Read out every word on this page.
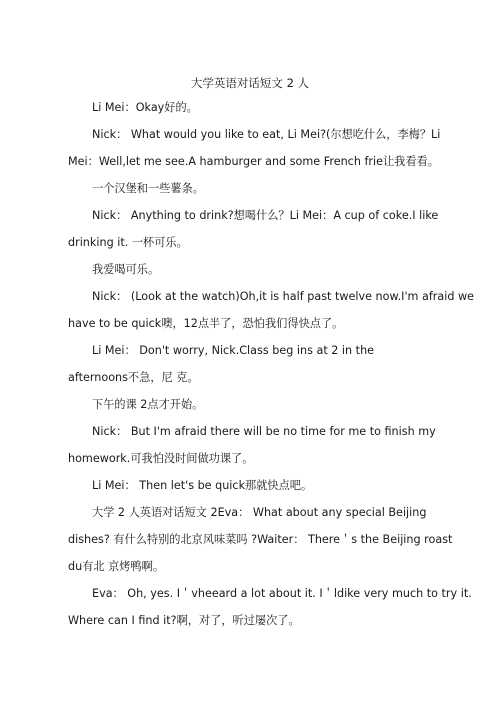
大学英语对话短文 2 人
Li Mei：Okay好的。
Nick： What would you like to eat, Li Mei?(尔想吃什么，李梅？Li
Mei：Well,let me see.A hamburger and some French frie让我看看。
一个汉堡和一些薯条。
Nick： Anything to drink?想喝什么？Li Mei：A cup of coke.I like
drinking it. 一杯可乐。
我爱喝可乐。
Nick： (Look at the watch)Oh,it is half past twelve now.I'm afraid we
have to be quick噢，12点半了，恐怕我们得快点了。
Li Mei： Don't worry, Nick.Class beg ins at 2 in the
afternoons不急，尼 克。
下午的课 2点才开始。
Nick： But I'm afraid there will be no time for me to finish my
homework.可我怕没时间做功课了。
Li Mei： Then let's be quick那就快点吧。
大学 2 人英语对话短文 2Eva： What about any special Beijing
dishes? 有什么特别的北京风味菜吗 ?Waiter： There＇s the Beijing roast
du有北 京烤鸭啊。
Eva： Oh, yes. I＇vheeard a lot about it. I＇ldike very much to try it.
Where can I find it?啊，对了，听过屡次了。
